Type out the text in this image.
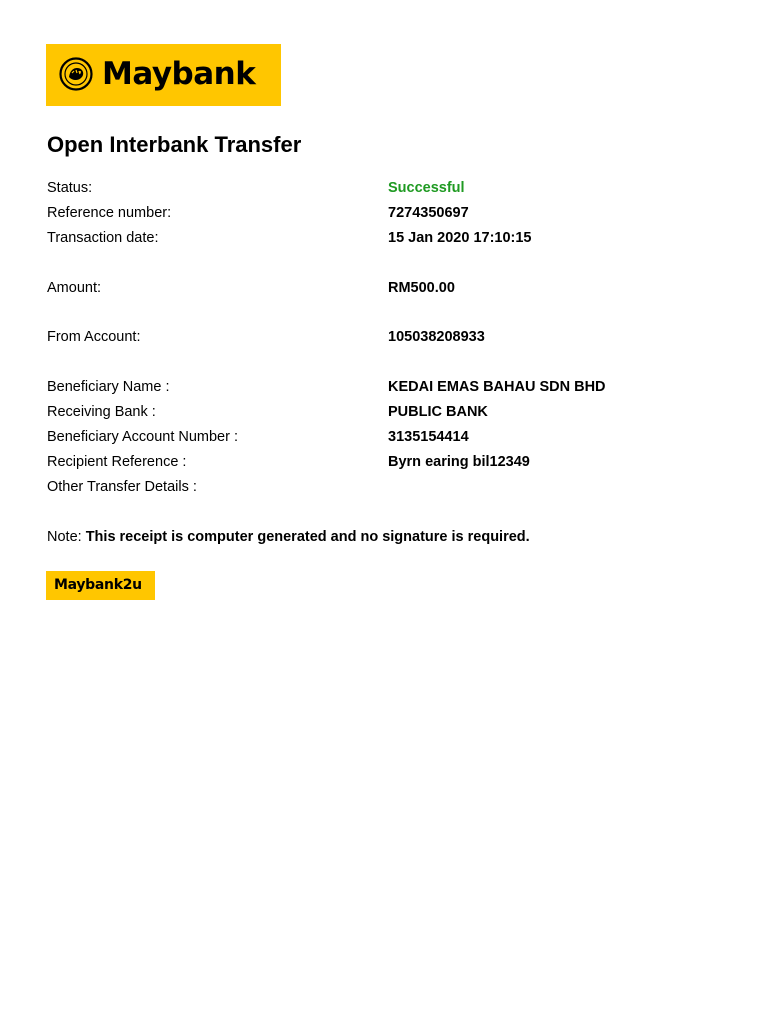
Maybank
Open Interbank Transfer
Status:	Successful
Reference number:	7274350697
Transaction date:	15 Jan 2020 17:10:15
Amount:	RM500.00
From Account:	105038208933
Beneficiary Name :	KEDAI EMAS BAHAU SDN BHD
Receiving Bank :	PUBLIC BANK
Beneficiary Account Number :	3135154414
Recipient Reference :	Byrn earing bil12349
Other Transfer Details :
Note: This receipt is computer generated and no signature is required.
Maybank2u
